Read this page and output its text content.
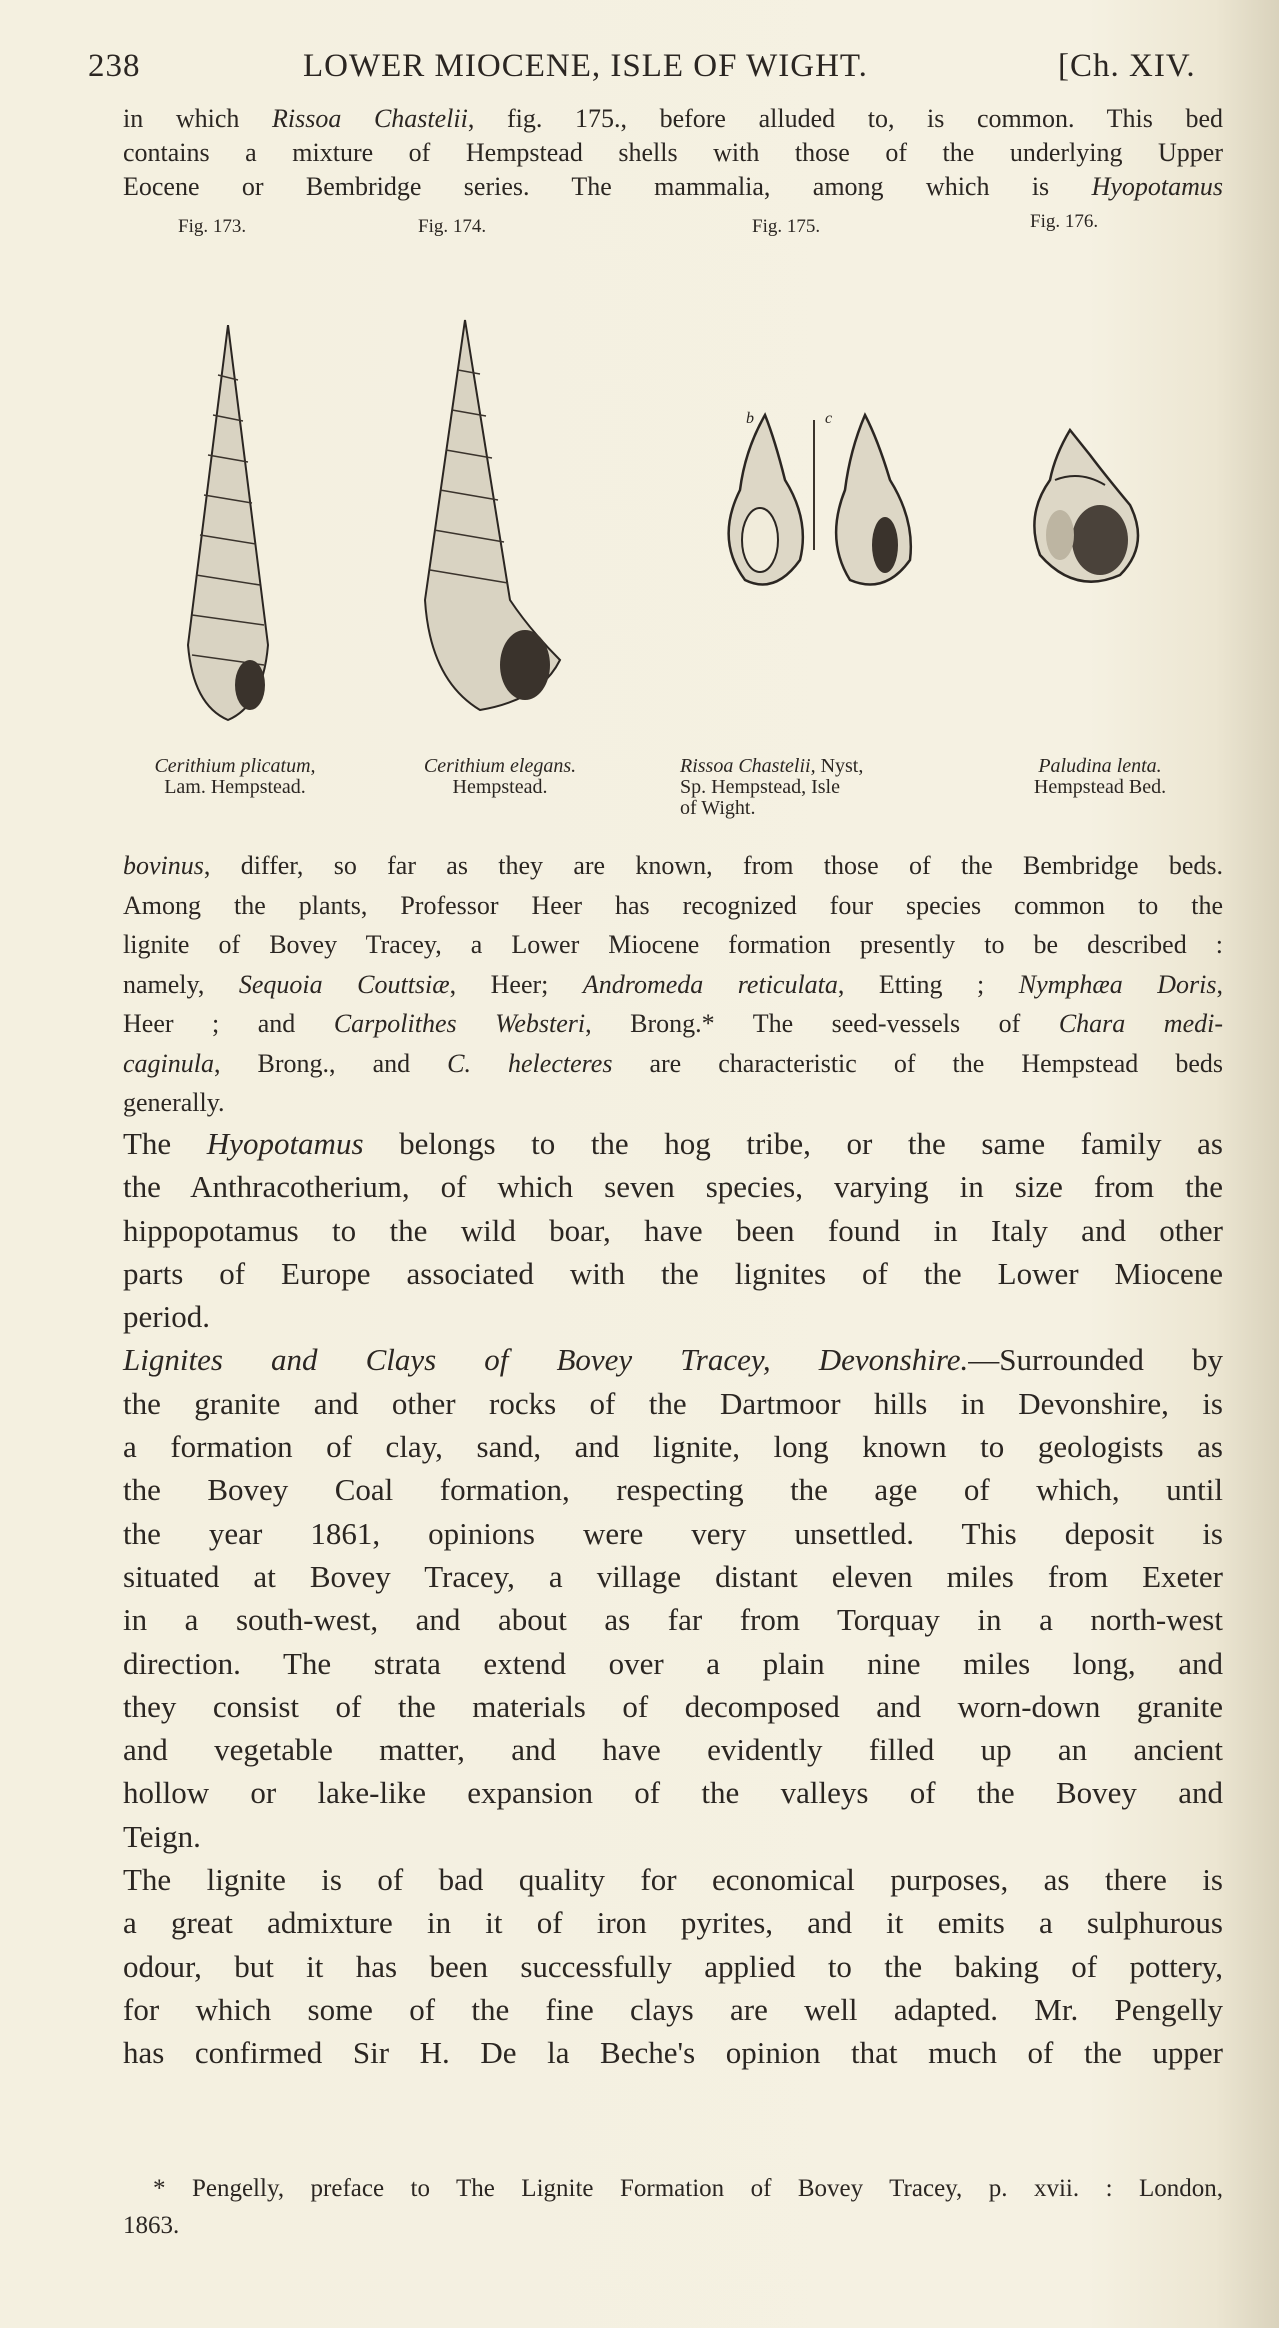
238	LOWER MIOCENE, ISLE OF WIGHT.	[Ch. XIV.
in which Rissoa Chastelii, fig. 175., before alluded to, is common. This bed
contains a mixture of Hempstead shells with those of the underlying Upper
Eocene or Bembridge series. The mammalia, among which is Hyopotamus
Fig. 173.	Fig. 174.	Fig. 175.	Fig. 176.
b	c
Cerithium plicatum,
Lam. Hempstead.
Cerithium elegans.
Hempstead.
Rissoa Chastelii, Nyst,
Sp. Hempstead, Isle
of Wight.
Paludina lenta.
Hempstead Bed.
bovinus, differ, so far as they are known, from those of the Bembridge beds.
Among the plants, Professor Heer has recognized four species common to the
lignite of Bovey Tracey, a Lower Miocene formation presently to be described :
namely, Sequoia Couttsiæ, Heer; Andromeda reticulata, Etting ; Nymphæa Doris,
Heer ; and Carpolithes Websteri, Brong.* The seed-vessels of Chara medi-
caginula, Brong., and C. helecteres are characteristic of the Hempstead beds
generally.
The Hyopotamus belongs to the hog tribe, or the same family as
the Anthracotherium, of which seven species, varying in size from the
hippopotamus to the wild boar, have been found in Italy and other
parts of Europe associated with the lignites of the Lower Miocene
period.
Lignites and Clays of Bovey Tracey, Devonshire.—Surrounded by
the granite and other rocks of the Dartmoor hills in Devonshire, is
a formation of clay, sand, and lignite, long known to geologists as
the Bovey Coal formation, respecting the age of which, until
the year 1861, opinions were very unsettled. This deposit is
situated at Bovey Tracey, a village distant eleven miles from Exeter
in a south-west, and about as far from Torquay in a north-west
direction. The strata extend over a plain nine miles long, and
they consist of the materials of decomposed and worn-down granite
and vegetable matter, and have evidently filled up an ancient
hollow or lake-like expansion of the valleys of the Bovey and
Teign.
The lignite is of bad quality for economical purposes, as there is
a great admixture in it of iron pyrites, and it emits a sulphurous
odour, but it has been successfully applied to the baking of pottery,
for which some of the fine clays are well adapted. Mr. Pengelly
has confirmed Sir H. De la Beche's opinion that much of the upper
* Pengelly, preface to The Lignite Formation of Bovey Tracey, p. xvii. : London,
1863.
